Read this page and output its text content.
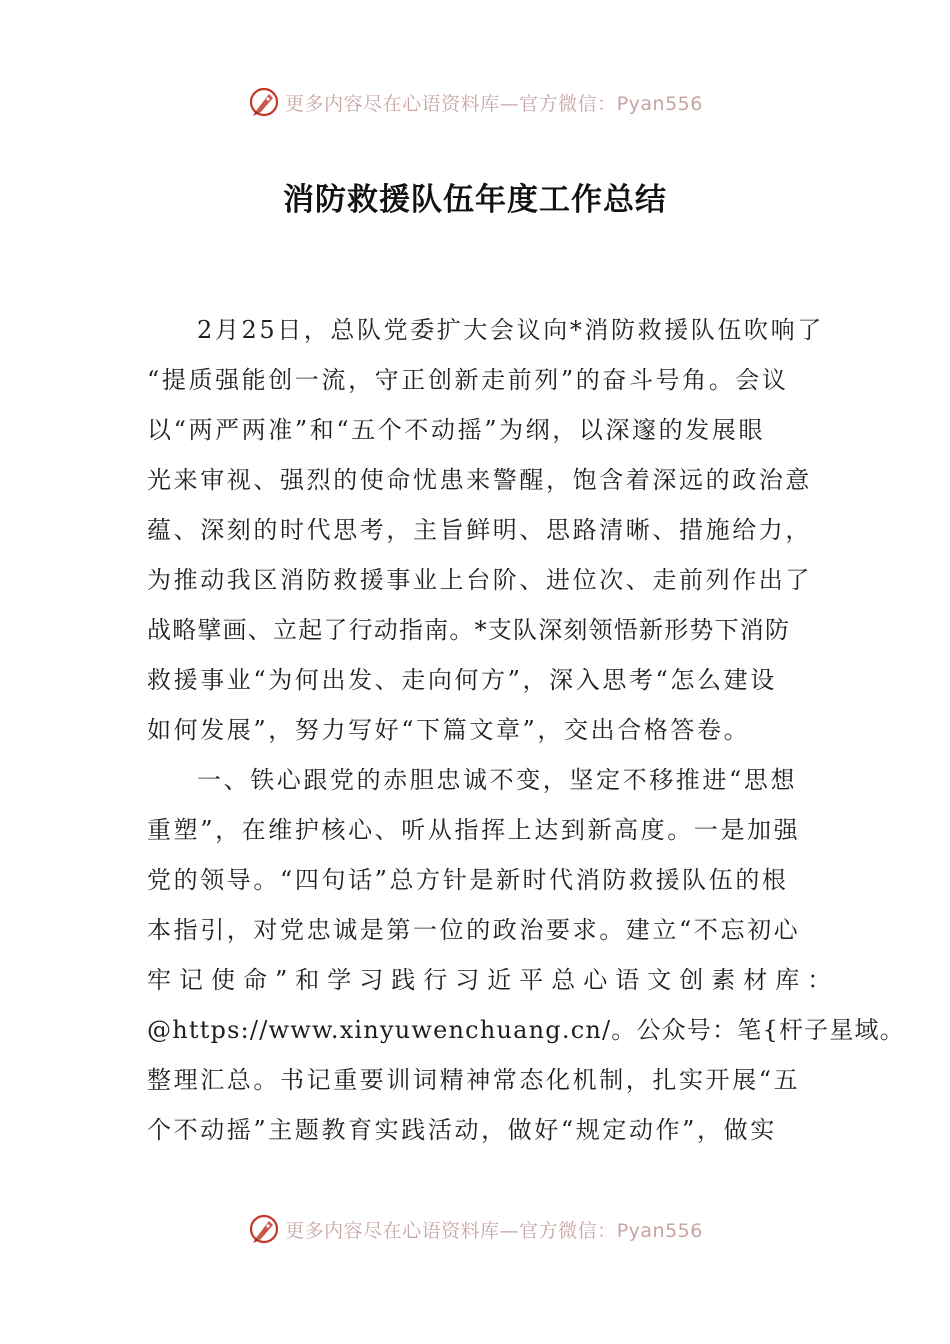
更多内容尽在心语资料库—官方微信：Pyan556
消防救援队伍年度工作总结
2月25日，总队党委扩大会议向*消防救援队伍吹响了
“提质强能创一流，守正创新走前列”的奋斗号角。会议
以“两严两准”和“五个不动摇”为纲，以深邃的发展眼
光来审视、强烈的使命忧患来警醒，饱含着深远的政治意
蕴、深刻的时代思考，主旨鲜明、思路清晰、措施给力，
为推动我区消防救援事业上台阶、进位次、走前列作出了
战略擘画、立起了行动指南。*支队深刻领悟新形势下消防
救援事业“为何出发、走向何方”，深入思考“怎么建设
如何发展”，努力写好“下篇文章”，交出合格答卷。
一、铁心跟党的赤胆忠诚不变，坚定不移推进“思想
重塑”，在维护核心、听从指挥上达到新高度。一是加强
党的领导。“四句话”总方针是新时代消防救援队伍的根
本指引，对党忠诚是第一位的政治要求。建立“不忘初心
牢记使命”和学习践行习近平总心语文创素材库：
@https://www.xinyuwenchuang.cn/。公众号：笔{杆子星域。
整理汇总。书记重要训词精神常态化机制，扎实开展“五
个不动摇”主题教育实践活动，做好“规定动作”，做实
更多内容尽在心语资料库—官方微信：Pyan556
